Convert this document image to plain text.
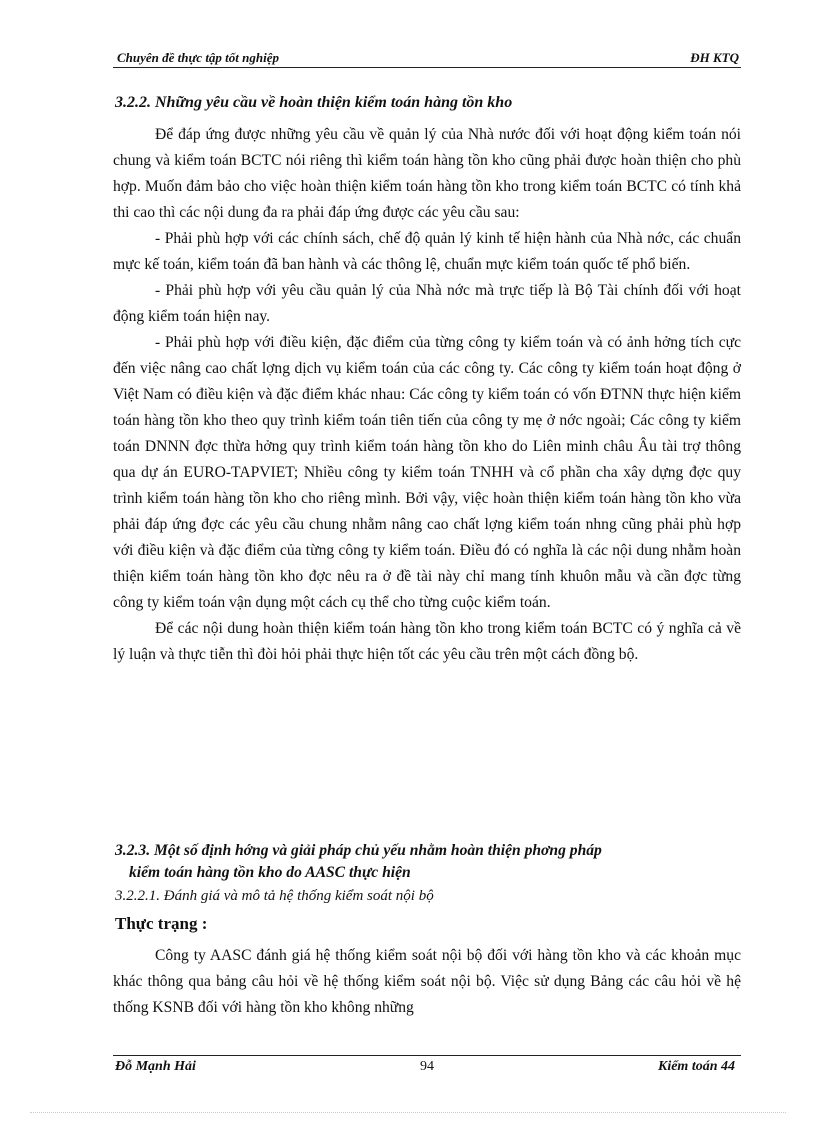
Chuyên đề thực tập tốt nghiệp	ĐH KTQ
3.2.2. Những yêu cầu về hoàn thiện kiểm toán hàng tồn kho

Để đáp ứng được những yêu cầu về quản lý của Nhà nước đối với hoạt động kiểm toán nói chung và kiểm toán BCTC nói riêng thì kiểm toán hàng tồn kho cũng phải được hoàn thiện cho phù hợp. Muốn đảm bảo cho việc hoàn thiện kiểm toán hàng tồn kho trong kiểm toán BCTC có tính khả thi cao thì các nội dung đa ra phải đáp ứng được các yêu cầu sau:

- Phải phù hợp với các chính sách, chế độ quản lý kinh tế hiện hành của Nhà nớc, các chuẩn mực kế toán, kiểm toán đã ban hành và các thông lệ, chuẩn mực kiểm toán quốc tế phổ biến.

- Phải phù hợp với yêu cầu quản lý của Nhà nớc mà trực tiếp là Bộ Tài chính đối với hoạt động kiểm toán hiện nay.

- Phải phù hợp với điều kiện, đặc điểm của từng công ty kiểm toán và có ảnh hởng tích cực đến việc nâng cao chất lợng dịch vụ kiểm toán của các công ty. Các công ty kiểm toán hoạt động ở Việt Nam có điều kiện và đặc điểm khác nhau: Các công ty kiểm toán có vốn ĐTNN thực hiện kiểm toán hàng tồn kho theo quy trình kiểm toán tiên tiến của công ty mẹ ở nớc ngoài; Các công ty kiểm toán DNNN đợc thừa hởng quy trình kiểm toán hàng tồn kho do Liên minh châu Âu tài trợ thông qua dự án EURO-TAPVIET; Nhiều công ty kiểm toán TNHH và cổ phần cha xây dựng đợc quy trình kiểm toán hàng tồn kho cho riêng mình. Bởi vậy, việc hoàn thiện kiểm toán hàng tồn kho vừa phải đáp ứng đợc các yêu cầu chung nhằm nâng cao chất lợng kiểm toán nhng cũng phải phù hợp với điều kiện và đặc điểm của từng công ty kiểm toán. Điều đó có nghĩa là các nội dung nhằm hoàn thiện kiểm toán hàng tồn kho đợc nêu ra ở đề tài này chỉ mang tính khuôn mẫu và cần đợc từng công ty kiểm toán vận dụng một cách cụ thể cho từng cuộc kiểm toán.

Để các nội dung hoàn thiện kiểm toán hàng tồn kho trong kiểm toán BCTC có ý nghĩa cả về lý luận và thực tiễn thì đòi hỏi phải thực hiện tốt các yêu cầu trên một cách đồng bộ.

3.2.3. Một số định hớng và giải pháp chủ yếu nhằm hoàn thiện phơng pháp
kiểm toán hàng tồn kho do AASC thực hiện
3.2.2.1. Đánh giá và mô tả hệ thống kiểm soát nội bộ
Thực trạng :

Công ty AASC đánh giá hệ thống kiểm soát nội bộ đối với hàng tồn kho và các khoản mục khác thông qua bảng câu hỏi về hệ thống kiểm soát nội bộ. Việc sử dụng Bảng các câu hỏi về hệ thống KSNB đối với hàng tồn kho không những

Đỗ Mạnh Hải	94	Kiểm toán 44
